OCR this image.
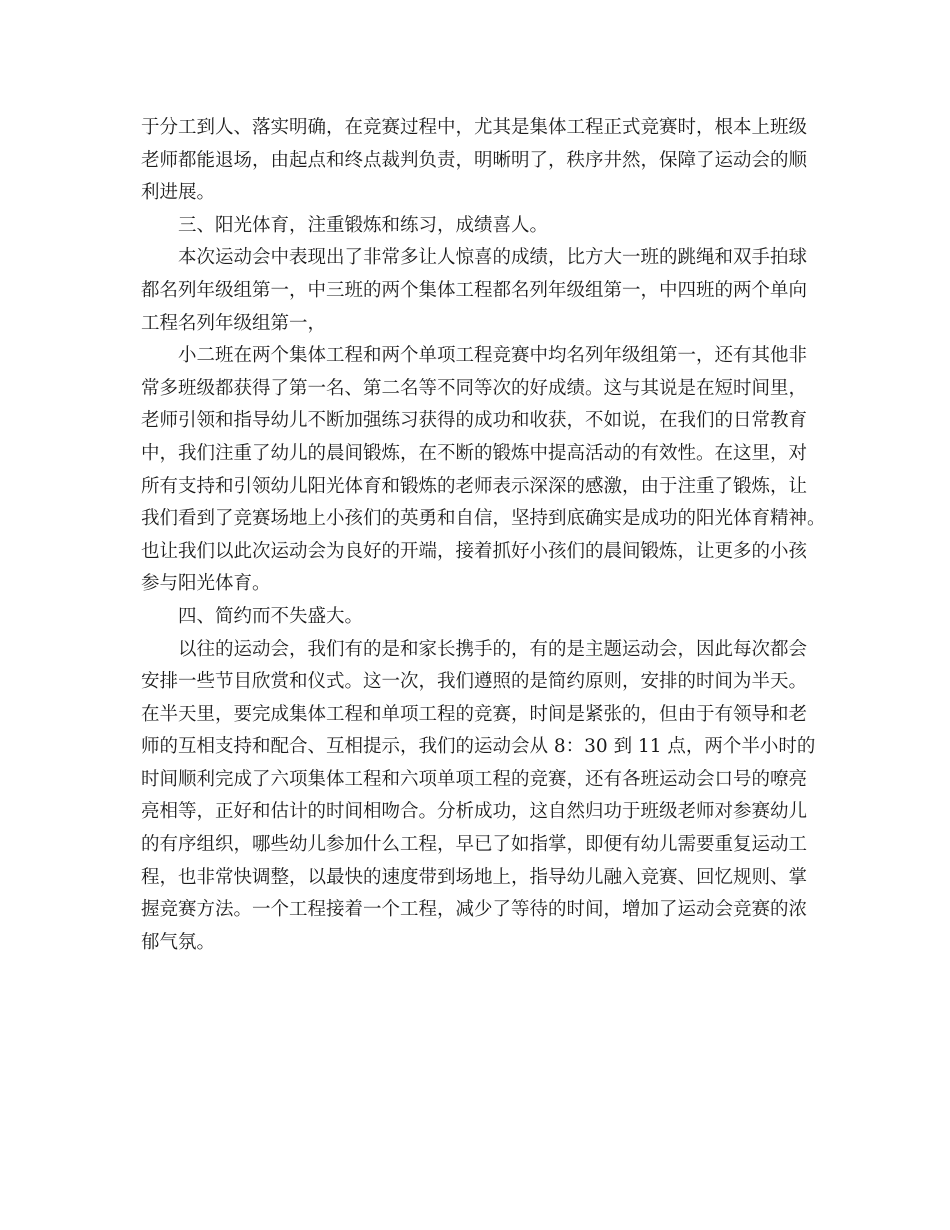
于分工到人、落实明确，在竞赛过程中，尤其是集体工程正式竞赛时，根本上班级
老师都能退场，由起点和终点裁判负责，明晰明了，秩序井然，保障了运动会的顺
利进展。
三、阳光体育，注重锻炼和练习，成绩喜人。
本次运动会中表现出了非常多让人惊喜的成绩，比方大一班的跳绳和双手拍球
都名列年级组第一，中三班的两个集体工程都名列年级组第一，中四班的两个单向
工程名列年级组第一，
小二班在两个集体工程和两个单项工程竞赛中均名列年级组第一，还有其他非
常多班级都获得了第一名、第二名等不同等次的好成绩。这与其说是在短时间里，
老师引领和指导幼儿不断加强练习获得的成功和收获，不如说，在我们的日常教育
中，我们注重了幼儿的晨间锻炼，在不断的锻炼中提高活动的有效性。在这里，对
所有支持和引领幼儿阳光体育和锻炼的老师表示深深的感激，由于注重了锻炼，让
我们看到了竞赛场地上小孩们的英勇和自信，坚持到底确实是成功的阳光体育精神。
也让我们以此次运动会为良好的开端，接着抓好小孩们的晨间锻炼，让更多的小孩
参与阳光体育。
四、简约而不失盛大。
以往的运动会，我们有的是和家长携手的，有的是主题运动会，因此每次都会
安排一些节目欣赏和仪式。这一次，我们遵照的是简约原则，安排的时间为半天。
在半天里，要完成集体工程和单项工程的竞赛，时间是紧张的，但由于有领导和老
师的互相支持和配合、互相提示，我们的运动会从 8：30 到 11 点，两个半小时的
时间顺利完成了六项集体工程和六项单项工程的竞赛，还有各班运动会口号的嘹亮
亮相等，正好和估计的时间相吻合。分析成功，这自然归功于班级老师对参赛幼儿
的有序组织，哪些幼儿参加什么工程，早已了如指掌，即便有幼儿需要重复运动工
程，也非常快调整，以最快的速度带到场地上，指导幼儿融入竞赛、回忆规则、掌
握竞赛方法。一个工程接着一个工程，减少了等待的时间，增加了运动会竞赛的浓
郁气氛。
